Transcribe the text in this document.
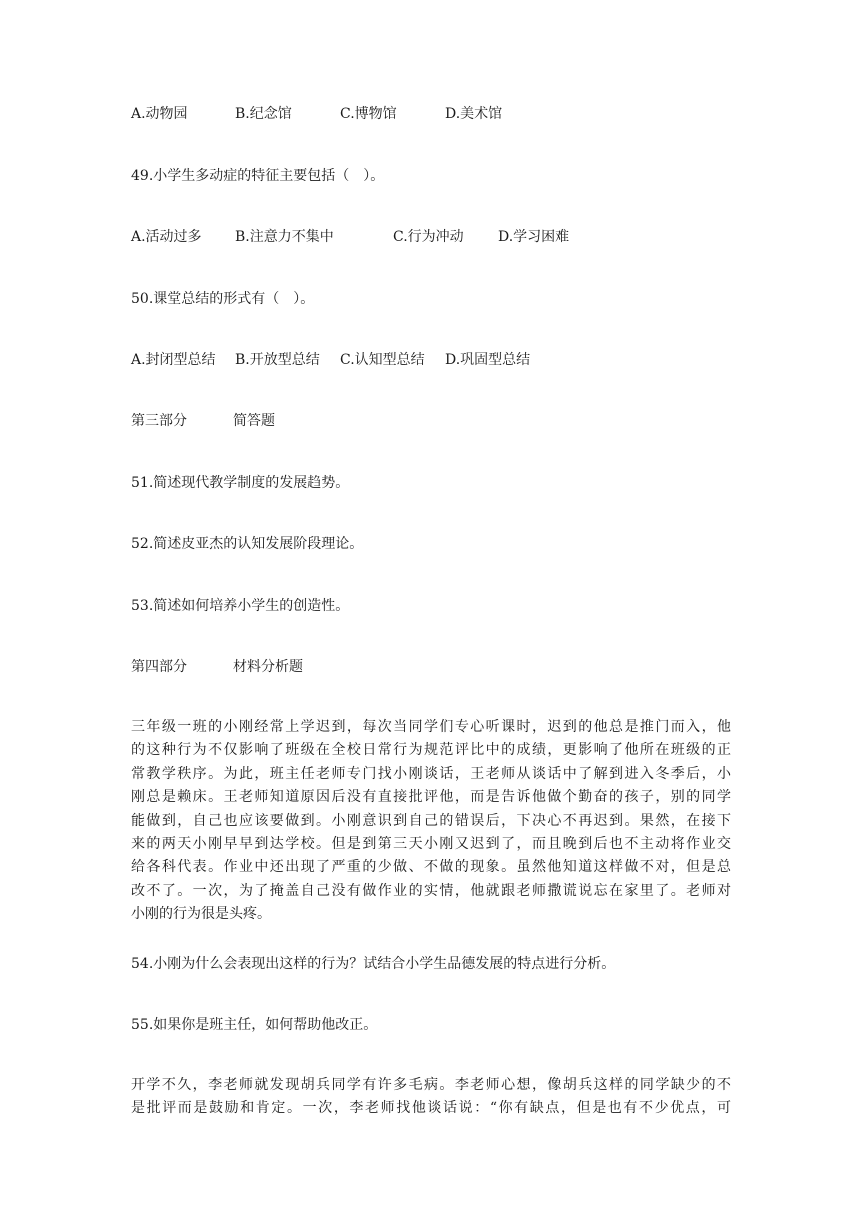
A.动物园	B.纪念馆	C.博物馆	D.美术馆
49.小学生多动症的特征主要包括（　）。
A.活动过多 B.注意力不集中	C.行为冲动 D.学习困难
50.课堂总结的形式有（　）。
A.封闭型总结 B.开放型总结 C.认知型总结 D.巩固型总结
第三部分	简答题
51.简述现代教学制度的发展趋势。
52.简述皮亚杰的认知发展阶段理论。
53.简述如何培养小学生的创造性。
第四部分	材料分析题
三年级一班的小刚经常上学迟到，每次当同学们专心听课时，迟到的他总是推门而入，他
的这种行为不仅影响了班级在全校日常行为规范评比中的成绩，更影响了他所在班级的正
常教学秩序。为此，班主任老师专门找小刚谈话，王老师从谈话中了解到进入冬季后，小
刚总是赖床。王老师知道原因后没有直接批评他，而是告诉他做个勤奋的孩子，别的同学
能做到，自己也应该要做到。小刚意识到自己的错误后，下决心不再迟到。果然，在接下
来的两天小刚早早到达学校。但是到第三天小刚又迟到了，而且晚到后也不主动将作业交
给各科代表。作业中还出现了严重的少做、不做的现象。虽然他知道这样做不对，但是总
改不了。一次，为了掩盖自己没有做作业的实情，他就跟老师撒谎说忘在家里了。老师对
小刚的行为很是头疼。
54.小刚为什么会表现出这样的行为？试结合小学生品德发展的特点进行分析。
55.如果你是班主任，如何帮助他改正。
开学不久，李老师就发现胡兵同学有许多毛病。李老师心想，像胡兵这样的同学缺少的不
是批评而是鼓励和肯定。一次，李老师找他谈话说：“你有缺点，但是也有不少优点，可
